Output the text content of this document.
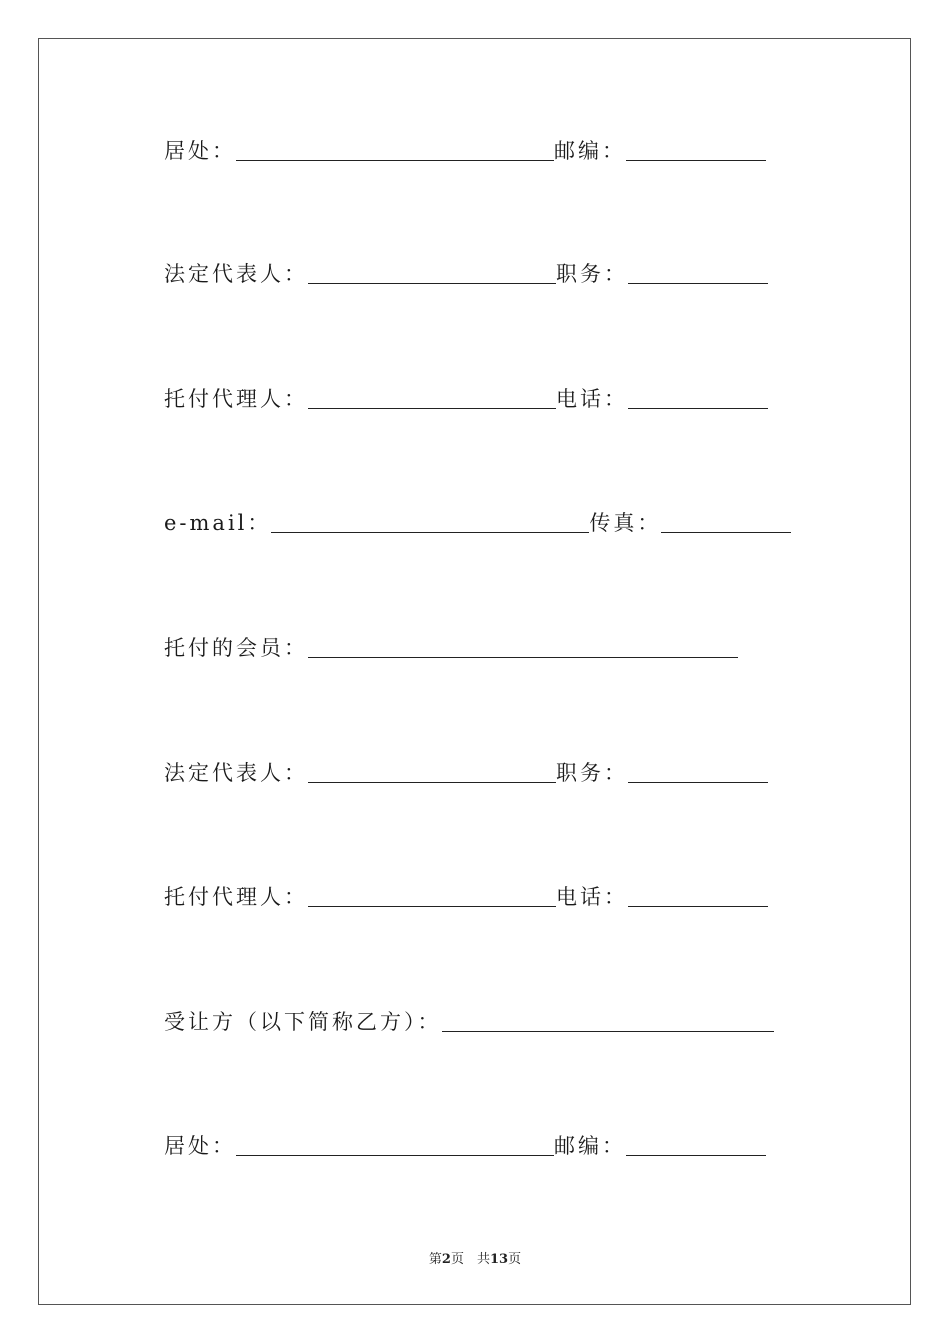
居处：	邮编：
法定代表人：	职务：
托付代理人：	电话：
e-mail：	传真：
托付的会员：
法定代表人：	职务：
托付代理人：	电话：
受让方（以下简称乙方）：
居处：	邮编：
第2页　共13页
